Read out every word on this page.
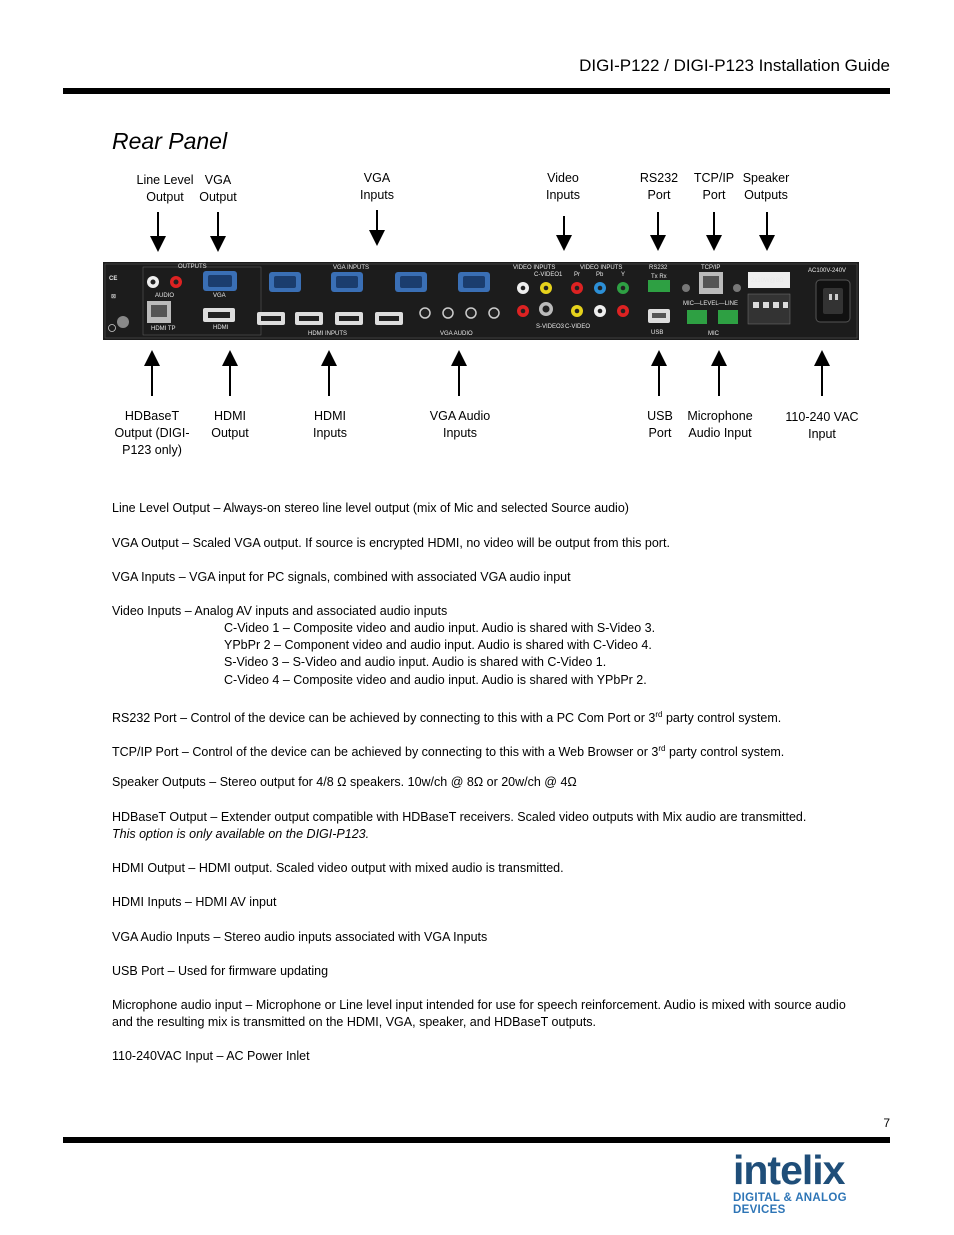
DIGI-P122 / DIGI-P123 Installation Guide
Rear Panel
Line Level Output
VGA Output
VGA Inputs
Video Inputs
RS232 Port
TCP/IP Port
Speaker Outputs
CE
⊠
OUTPUTS
AUDIO	VGA
HDMI TP	HDMI
VGA INPUTS
HDMI INPUTS	VGA AUDIO
VIDEO INPUTS
C-VIDEO1
S-VIDEO3
VIDEO INPUTS
Pr	Pb	Y
C-VIDEO
RS232
Tx Rx
USB
TCP/IP
MIC—LEVEL—LINE
MIC
2x10W@8Ω
AC100V-240V
HDBaseT Output (DIGI-P123 only)
HDMI Output
HDMI Inputs
VGA Audio Inputs
USB Port
Microphone Audio Input
110-240 VAC Input
Line Level Output – Always-on stereo line level output (mix of Mic and selected Source audio)
VGA Output – Scaled VGA output. If source is encrypted HDMI, no video will be output from this port.
VGA Inputs – VGA input for PC signals, combined with associated VGA audio input
Video Inputs – Analog AV inputs and associated audio inputs
C-Video 1 – Composite video and audio input. Audio is shared with S-Video 3.
YPbPr 2 – Component video and audio input. Audio is shared with C-Video 4.
S-Video 3 – S-Video and audio input. Audio is shared with C-Video 1.
C-Video 4 – Composite video and audio input. Audio is shared with YPbPr 2.
RS232 Port – Control of the device can be achieved by connecting to this with a PC Com Port or 3rd party control system.
TCP/IP Port – Control of the device can be achieved by connecting to this with a Web Browser or 3rd party control system.
Speaker Outputs – Stereo output for 4/8 Ω speakers. 10w/ch @ 8Ω or 20w/ch @ 4Ω
HDBaseT Output – Extender output compatible with HDBaseT receivers. Scaled video outputs with Mix audio are transmitted.
This option is only available on the DIGI-P123.
HDMI Output – HDMI output. Scaled video output with mixed audio is transmitted.
HDMI Inputs – HDMI AV input
VGA Audio Inputs – Stereo audio inputs associated with VGA Inputs
USB Port – Used for firmware updating
Microphone audio input – Microphone or Line level input intended for use for speech reinforcement. Audio is mixed with source audio and the resulting mix is transmitted on the HDMI, VGA, speaker, and HDBaseT outputs.
110-240VAC Input – AC Power Inlet
7
intelix
DIGITAL & ANALOG DEVICES
